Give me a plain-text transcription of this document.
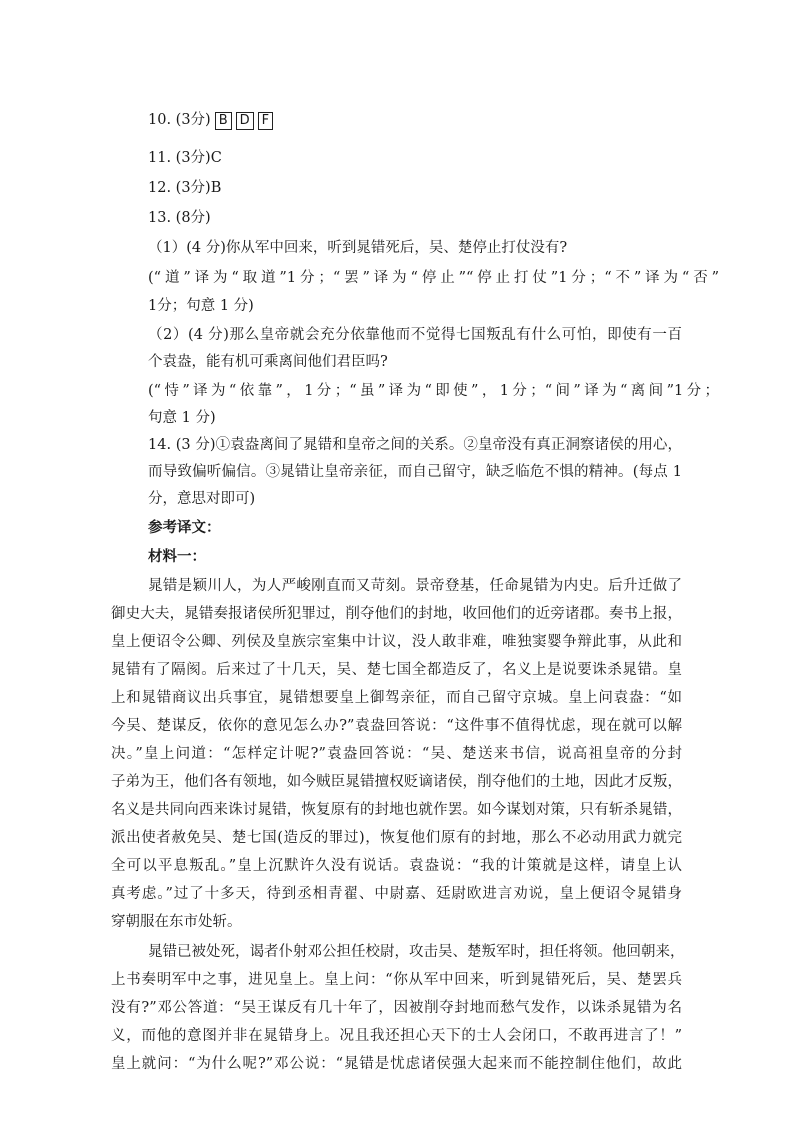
10. (3分) B D F
11. (3分)C
12. (3分)B
13. (8分)
（1）(4 分)你从军中回来，听到晁错死后，吴、楚停止打仗没有?
(“道”译为“取道”1分；“罢”译为“停止”“停止打仗”1分；“不”译为“否”
1分；句意 1 分)
（2）(4 分)那么皇帝就会充分依靠他而不觉得七国叛乱有什么可怕，即使有一百
个袁盎，能有机可乘离间他们君臣吗?
(“恃”译为“依靠”，1分；“虽”译为“即使”，1分；“间”译为“离间”1分；
句意 1 分)
14. (3 分)①袁盎离间了晁错和皇帝之间的关系。②皇帝没有真正洞察诸侯的用心，
而导致偏听偏信。③晁错让皇帝亲征，而自己留守，缺乏临危不惧的精神。(每点 1
分，意思对即可)
参考译文：
材料一：
晁错是颖川人，为人严峻刚直而又苛刻。景帝登基，任命晁错为内史。后升迁做了
御史大夫，晁错奏报诸侯所犯罪过，削夺他们的封地，收回他们的近旁诸郡。奏书上报，
皇上便诏令公卿、列侯及皇族宗室集中计议，没人敢非难，唯独窦婴争辩此事，从此和
晁错有了隔阂。后来过了十几天，吴、楚七国全都造反了，名义上是说要诛杀晁错。皇
上和晁错商议出兵事宜，晁错想要皇上御驾亲征，而自己留守京城。皇上问袁盎：“如
今吴、楚谋反，依你的意见怎么办?”袁盎回答说：“这件事不值得忧虑，现在就可以解
决。”皇上问道：“怎样定计呢?”袁盎回答说：“吴、楚送来书信，说高祖皇帝的分封
子弟为王，他们各有领地，如今贼臣晁错擅权贬谪诸侯，削夺他们的土地，因此才反叛，
名义是共同向西来诛讨晁错，恢复原有的封地也就作罢。如今谋划对策，只有斩杀晁错，
派出使者赦免吴、楚七国(造反的罪过)，恢复他们原有的封地，那么不必动用武力就完
全可以平息叛乱。”皇上沉默许久没有说话。袁盎说：“我的计策就是这样，请皇上认
真考虑。”过了十多天，待到丞相青翟、中尉嘉、廷尉欧进言劝说，皇上便诏令晁错身
穿朝服在东市处斩。
晁错已被处死，谒者仆射邓公担任校尉，攻击吴、楚叛军时，担任将领。他回朝来，
上书奏明军中之事，进见皇上。皇上问：“你从军中回来，听到晁错死后，吴、楚罢兵
没有?”邓公答道：“吴王谋反有几十年了，因被削夺封地而愁气发作，以诛杀晁错为名
义，而他的意图并非在晁错身上。况且我还担心天下的士人会闭口，不敢再进言了！”
皇上就问：“为什么呢?”邓公说：“晁错是忧虑诸侯强大起来而不能控制住他们，故此
